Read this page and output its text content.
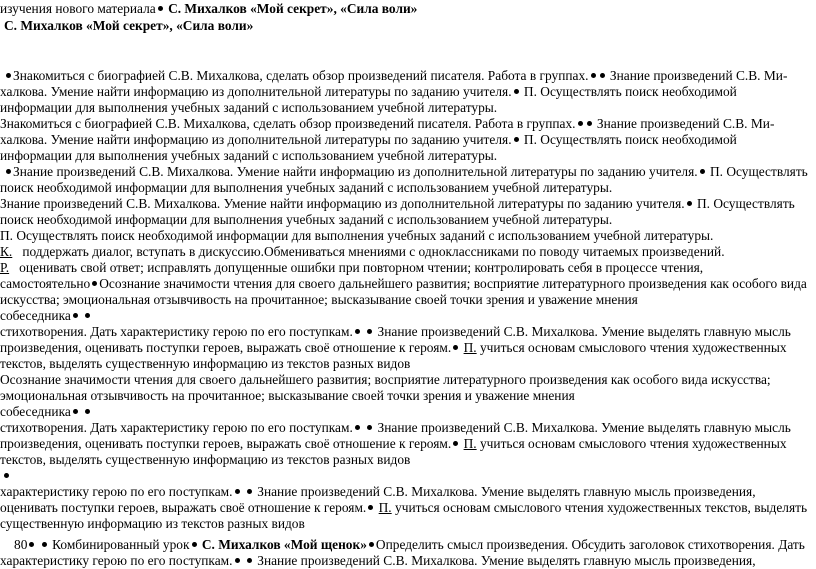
изучения нового материала С. Михалков «Мой секрет», «Сила воли»
С. Михалков «Мой секрет», «Сила воли»
Знакомиться с биографией С.В. Михалкова, сделать обзор произведений писателя. Работа в группах. Знание произведений С.В. Ми-
халкова. Умение найти информацию из дополнительной литературы по заданию учителя. П. Осуществлять поиск необходимой
информации для выполнения учебных заданий с использованием учебной литературы.
Знакомиться с биографией С.В. Михалкова, сделать обзор произведений писателя. Работа в группах. Знание произведений С.В. Ми-
халкова. Умение найти информацию из дополнительной литературы по заданию учителя. П. Осуществлять поиск необходимой
информации для выполнения учебных заданий с использованием учебной литературы.
Знание произведений С.В. Михалкова. Умение найти информацию из дополнительной литературы по заданию учителя. П. Осуществлять
поиск необходимой информации для выполнения учебных заданий с использованием учебной литературы.
Знание произведений С.В. Михалкова. Умение найти информацию из дополнительной литературы по заданию учителя. П. Осуществлять
поиск необходимой информации для выполнения учебных заданий с использованием учебной литературы.
П. Осуществлять поиск необходимой информации для выполнения учебных заданий с использованием учебной литературы.
К. поддержать диалог, вступать в дискуссию.Обмениваться мнениями с одноклассниками по поводу читаемых произведений.
Р. оценивать свой ответ; исправлять допущенные ошибки при повторном чтении; контролировать себя в процессе чтения,
самостоятельно Осознание значимости чтения для своего дальнейшего развития; восприятие литературного произведения как особого вида
искусства; эмоциональная отзывчивость на прочитанное; высказывание своей точки зрения и уважение мнения
собеседника
стихотворения. Дать характеристику герою по его поступкам. Знание произведений С.В. Михалкова. Умение выделять главную мысль
произведения, оценивать поступки героев, выражать своё отношение к героям. П. учиться основам смыслового чтения художественных
текстов, выделять существенную информацию из текстов разных видов
Осознание значимости чтения для своего дальнейшего развития; восприятие литературного произведения как особого вида искусства;
эмоциональная отзывчивость на прочитанное; высказывание своей точки зрения и уважение мнения
собеседника
стихотворения. Дать характеристику герою по его поступкам. Знание произведений С.В. Михалкова. Умение выделять главную мысль
произведения, оценивать поступки героев, выражать своё отношение к героям. П. учиться основам смыслового чтения художественных
текстов, выделять существенную информацию из текстов разных видов
характеристику герою по его поступкам. Знание произведений С.В. Михалкова. Умение выделять главную мысль произведения,
оценивать поступки героев, выражать своё отношение к героям. П. учиться основам смыслового чтения художественных текстов, выделять
существенную информацию из текстов разных видов
80 Комбинированный урок С. Михалков «Мой щенок» Определить смысл произведения. Обсудить заголовок стихотворения. Дать
характеристику герою по его поступкам. Знание произведений С.В. Михалкова. Умение выделять главную мысль произведения,
